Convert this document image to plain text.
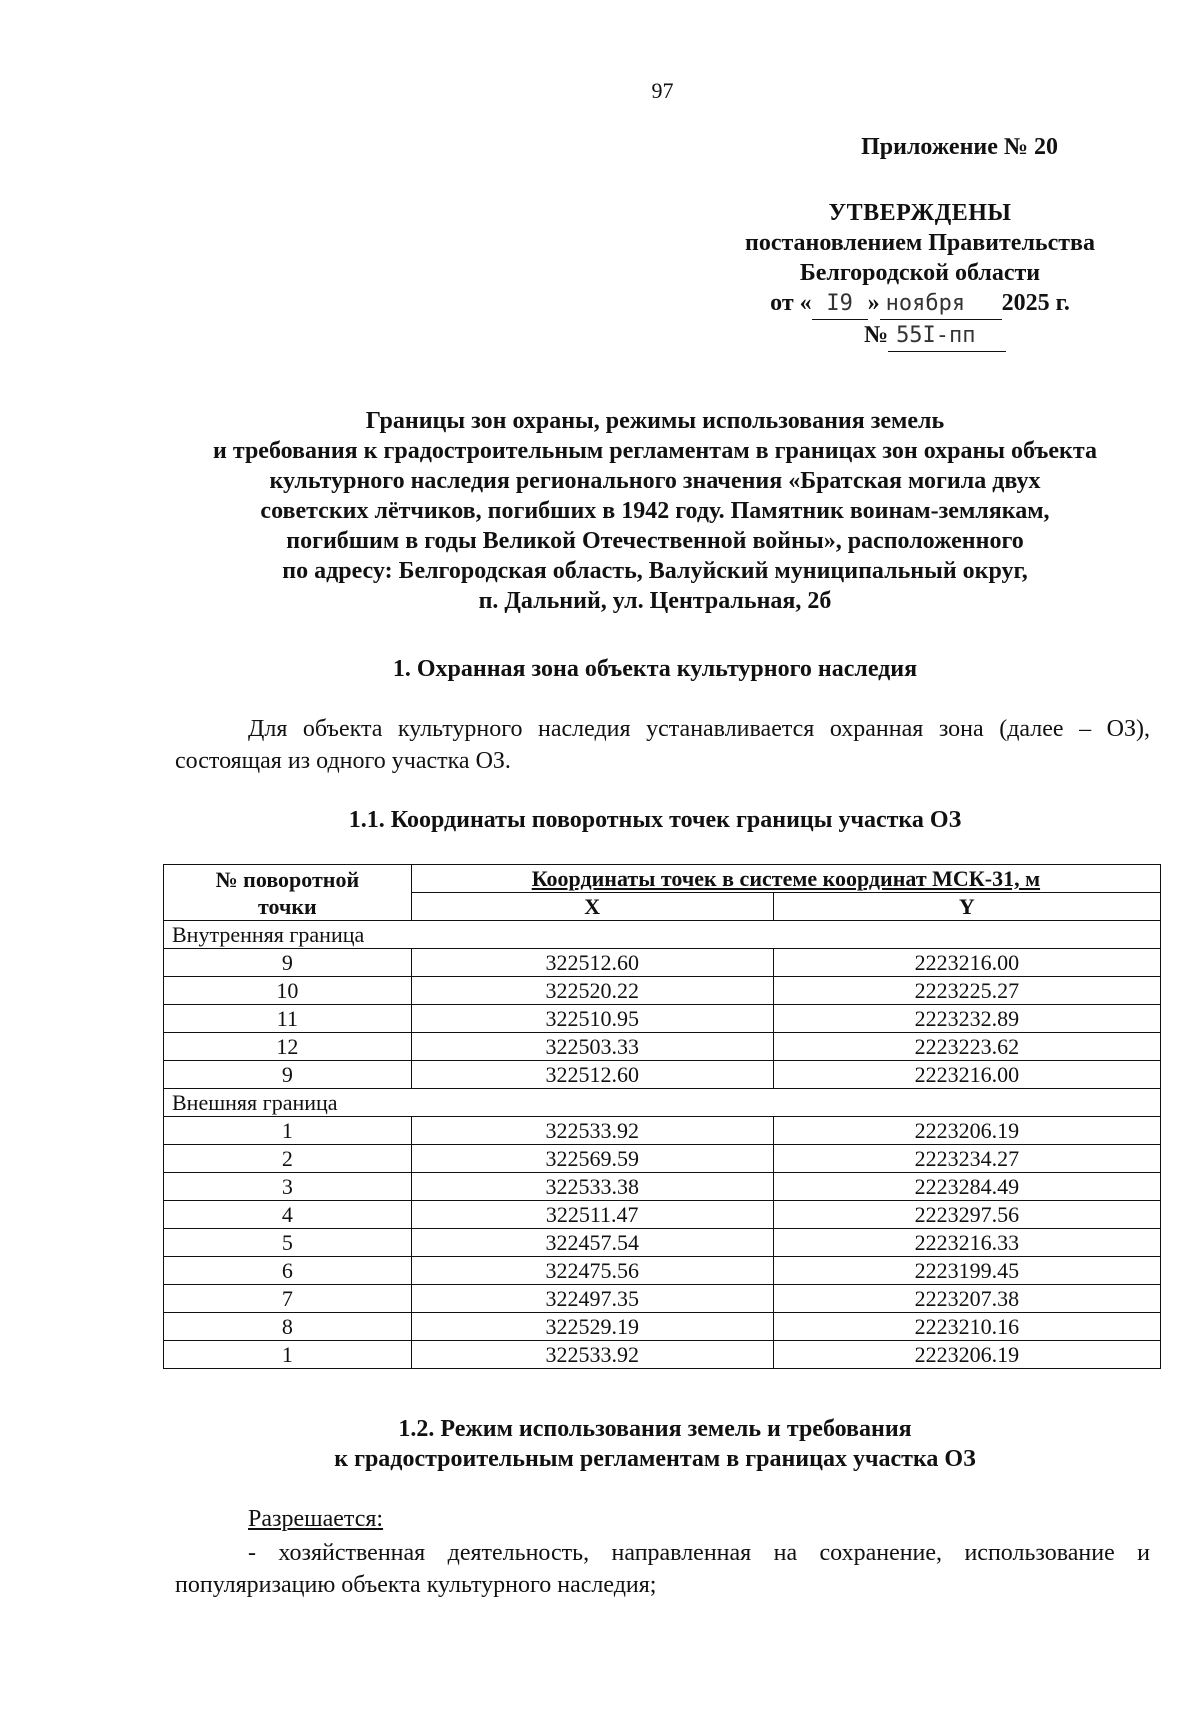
97
Приложение № 20
УТВЕРЖДЕНЫ
постановлением Правительства
Белгородской области
от « I9 » ноября	2025 г.
№ 55I-пп
Границы зон охраны, режимы использования земель
и требования к градостроительным регламентам в границах зон охраны объекта
культурного наследия регионального значения «Братская могила двух
советских лётчиков, погибших в 1942 году. Памятник воинам-землякам,
погибшим в годы Великой Отечественной войны», расположенного
по адресу: Белгородская область, Валуйский муниципальный округ,
п. Дальний, ул. Центральная, 2б
1. Охранная зона объекта культурного наследия
Для объекта культурного наследия устанавливается охранная зона (далее – ОЗ), состоящая из одного участка ОЗ.
1.1. Координаты поворотных точек границы участка ОЗ
№ поворотной
точки	Координаты точек в системе координат МСК-31, м	
	X	Y
Внутренняя граница		
9	322512.60	2223216.00
10	322520.22	2223225.27
11	322510.95	2223232.89
12	322503.33	2223223.62
9	322512.60	2223216.00
Внешняя граница		
1	322533.92	2223206.19
2	322569.59	2223234.27
3	322533.38	2223284.49
4	322511.47	2223297.56
5	322457.54	2223216.33
6	322475.56	2223199.45
7	322497.35	2223207.38
8	322529.19	2223210.16
1	322533.92	2223206.19
1.2. Режим использования земель и требования
к градостроительным регламентам в границах участка ОЗ
Разрешается:
- хозяйственная деятельность, направленная на сохранение, использование и популяризацию объекта культурного наследия;
